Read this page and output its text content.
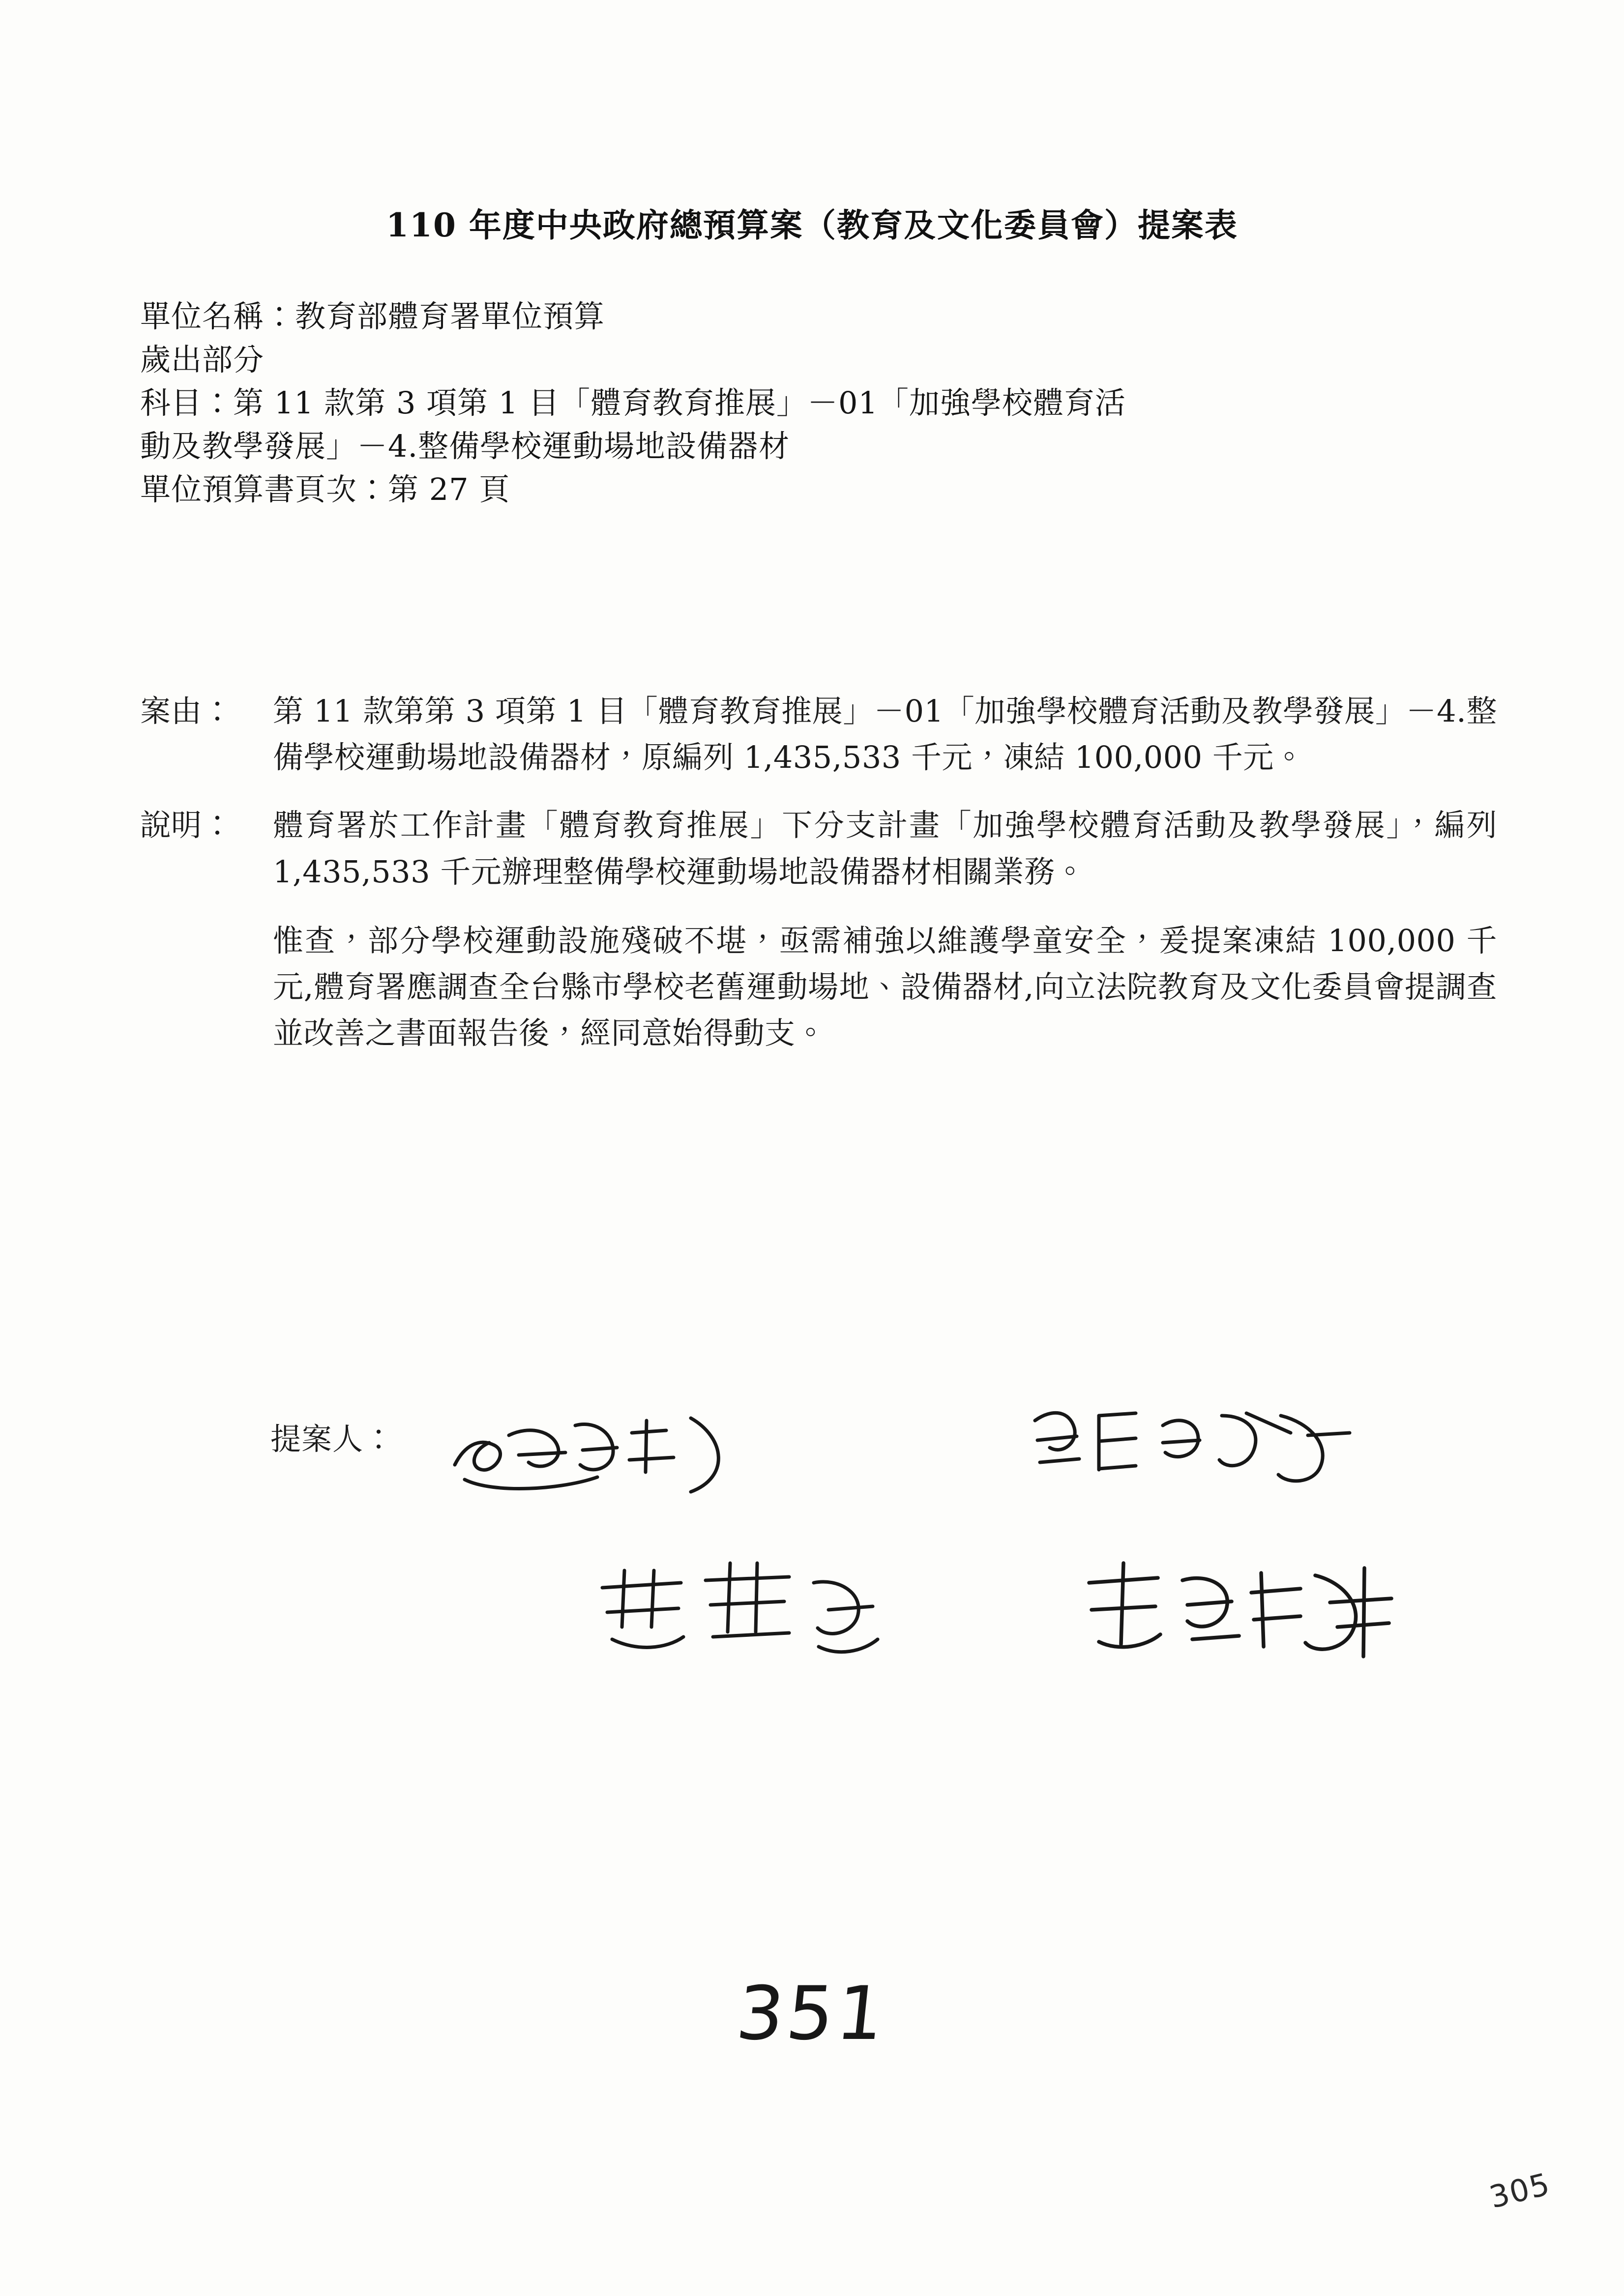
110 年度中央政府總預算案（教育及文化委員會）提案表
單位名稱：教育部體育署單位預算
歲出部分
科目：第 11 款第 3 項第 1 目「體育教育推展」－01「加強學校體育活
動及教學發展」－4.整備學校運動場地設備器材
單位預算書頁次：第 27 頁
案由：	第 11 款第第 3 項第 1 目「體育教育推展」－01「加強學校體育活動及教學發展」－4.整備學校運動場地設備器材，原編列 1,435,533 千元，凍結 100,000 千元。
說明：	體育署於工作計畫「體育教育推展」下分支計畫「加強學校體育活動及教學發展」，編列 1,435,533 千元辦理整備學校運動場地設備器材相關業務。
惟查，部分學校運動設施殘破不堪，亟需補強以維護學童安全，爰提案凍結 100,000 千元,體育署應調查全台縣市學校老舊運動場地、設備器材,向立法院教育及文化委員會提調查並改善之書面報告後，經同意始得動支。
提案人：
351
305
